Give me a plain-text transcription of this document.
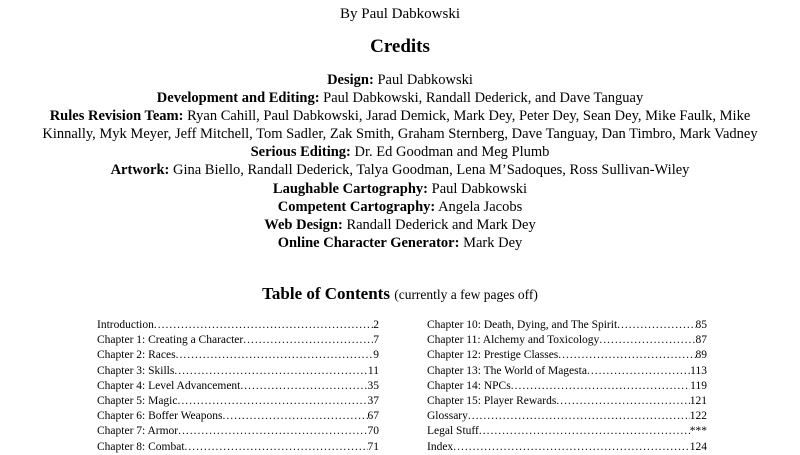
By Paul Dabkowski
Credits
Design: Paul Dabkowski
Development and Editing: Paul Dabkowski, Randall Dederick, and Dave Tanguay
Rules Revision Team: Ryan Cahill, Paul Dabkowski, Jarad Demick, Mark Dey, Peter Dey, Sean Dey, Mike Faulk, Mike Kinnally, Myk Meyer, Jeff Mitchell, Tom Sadler, Zak Smith, Graham Sternberg, Dave Tanguay, Dan Timbro, Mark Vadney
Serious Editing: Dr. Ed Goodman and Meg Plumb
Artwork: Gina Biello, Randall Dederick, Talya Goodman, Lena M’Sadoques, Ross Sullivan-Wiley
Laughable Cartography: Paul Dabkowski
Competent Cartography: Angela Jacobs
Web Design: Randall Dederick and Mark Dey
Online Character Generator: Mark Dey
Table of Contents (currently a few pages off)
Introduction .....	2
Chapter 1: Creating a Character .....	7
Chapter 2: Races .....	9
Chapter 3: Skills .....	11
Chapter 4: Level Advancement .....	35
Chapter 5: Magic .....	37
Chapter 6: Boffer Weapons .....	67
Chapter 7: Armor .....	70
Chapter 8: Combat .....	71
Chapter 10: Death, Dying, and The Spirit .....	85
Chapter 11: Alchemy and Toxicology .....	87
Chapter 12: Prestige Classes .....	89
Chapter 13: The World of Magesta .....	113
Chapter 14: NPCs .....	119
Chapter 15: Player Rewards .....	121
Glossary .....	122
Legal Stuff .....	***
Index .....	124
